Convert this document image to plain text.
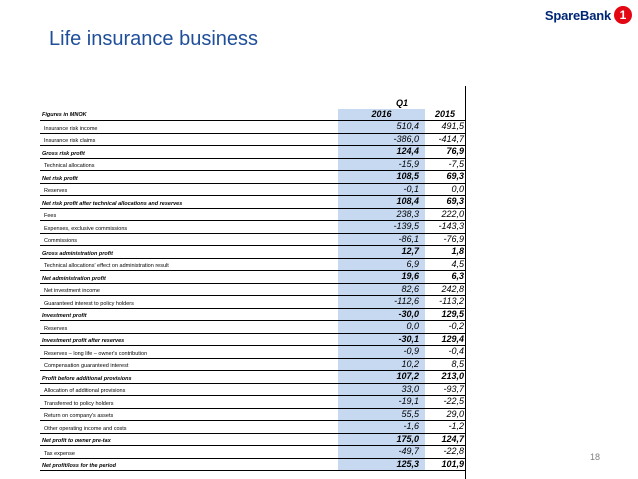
SpareBank 1
Life insurance business
Q1
Figures in MNOK	2016	2015
Insurance risk income	510,4	491,5
Insurance risk claims	-386,0	-414,7
Gross risk profit	124,4	76,9
Technical allocations	-15,9	-7,5
Net risk profit	108,5	69,3
Reserves	-0,1	0,0
Net risk profit after technical allocations and reserves	108,4	69,3
Fees	238,3	222,0
Expenses, exclusive commissions	-139,5	-143,3
Commissions	-86,1	-76,9
Gross administration profit	12,7	1,8
Technical allocations' effect on administration result	6,9	4,5
Net administration profit	19,6	6,3
Net investment income	82,6	242,8
Guaranteed interest to policy holders	-112,6	-113,2
Investment profit	-30,0	129,5
Reserves	0,0	-0,2
Investment profit after reserves	-30,1	129,4
Reserves – long life – owner's contribution	-0,9	-0,4
Compensation guaranteed interest	10,2	8,5
Profit before additional provisions	107,2	213,0
Allocation of additional provisions	33,0	-93,7
Transferred to policy holders	-19,1	-22,5
Return on company's assets	55,5	29,0
Other operating income and costs	-1,6	-1,2
Net profit to owner pre-tax	175,0	124,7
Tax expense	-49,7	-22,8
Net profit/loss for the period	125,3	101,9
18
